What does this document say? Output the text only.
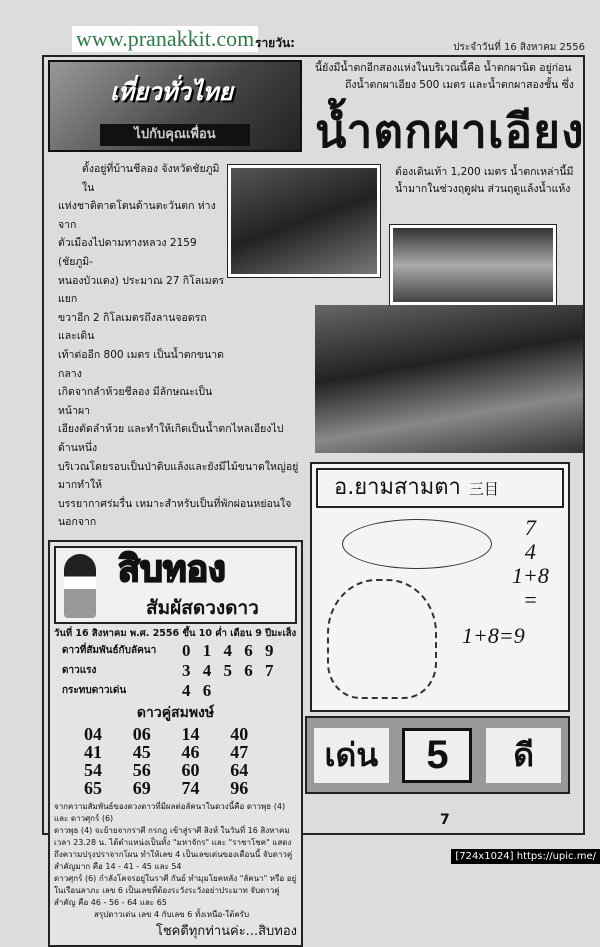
www.pranakkit.com รายวัน:	ประจำวันที่ 16 สิงหาคม 2556
เที่ยวทั่วไทย
ไปกับคุณเพื่อน
ตั้งอยู่ที่บ้านชีลอง จังหวัดชัยภูมิ ใน
แห่งชาติตาดโตนด้านตะวันตก ห่างจาก
ตัวเมืองไปตามทางหลวง 2159 (ชัยภูมิ-
หนองบัวแดง) ประมาณ 27 กิโลเมตร แยก
ขวาอีก 2 กิโลเมตรถึงลานจอดรถ และเดิน
เท้าต่ออีก 800 เมตร เป็นน้ำตกขนาดกลาง
เกิดจากลำห้วยชีลอง มีลักษณะเป็นหน้าผา
เอียงตัดลำห้วย และทำให้เกิดเป็นน้ำตกไหลเอียงไปด้านหนึ่ง
บริเวณโดยรอบเป็นป่าดิบแล้งและยังมีไม้ขนาดใหญ่อยู่มากทำให้
บรรยากาศร่มรื่น เหมาะสำหรับเป็นที่พักผ่อนหย่อนใจ นอกจาก
สิบทอง
สัมผัสดวงดาว
วันที่ 16 สิงหาคม พ.ศ. 2556 ขึ้น 10 ค่ำ เดือน 9 ปีมะเส็ง
ดาวที่สัมพันธ์กับลัคนา	0 1 4 6 9
ดาวแรง	3 4 5 6 7
กระทบดาวเด่น	4 6
ดาวคู่สมพงษ์
04	06	14	40
41	45	46	47
54	56	60	64
65	69	74	96
จากความสัมพันธ์ของดวงดาวที่มีผลต่อลัคนาในดวงนี้คือ ดาวพุธ (4) และ ดาวศุกร์ (6)
ดาวพุธ (4) จะย้ายจากราศี กรกฎ เข้าสู่ราศี สิงห์ ในวันที่ 16 สิงหาคม เวลา 23.28 น. ได้ตำแหน่งเป็นทั้ง "มหาจักร" และ "ราชาโชค" แสดงถึงความปรุงปราจากโผน ทำให้เลข 4 เป็นเลขเด่นของเดือนนี้ จับดาวคู่สำคัญมาก คือ 14 - 41 - 45 และ 54
ดาวศุกร์ (6) กำลังโคจรอยู่ในราศี กันย์ ทำมุมโยคหลัง "ลัคนา" หรือ อยู่ในเรือนลาภะ เลข 6 เป็นเลขที่ต้องระวังระวังอย่าประมาท จับดาวคู่สำคัญ คือ 46 - 56 - 64 และ 65
สรุปดาวเด่น เลข 4 กับเลข 6 ทั้งเหนือ-ใต้ครับ
โชคดีทุกท่านค่ะ...สิบทอง
นี้ยังมีน้ำตกอีกสองแห่งในบริเวณนี้คือ น้ำตกผานิด อยู่ก่อน
ถึงน้ำตกผาเอียง 500 เมตร และน้ำตกผาสองชั้น ซึ่ง
น้ำตกผาเอียง
ต้องเดินเท้า 1,200 เมตร น้ำตกเหล่านี้มี
น้ำมากในช่วงฤดูฝน ส่วนฤดูแล้งน้ำแห้ง
อ.ยามสามตา 三目
7
4
1+8
=
1+8=9
เด่น	5	ดี
7
[724x1024] https://upic.me/
